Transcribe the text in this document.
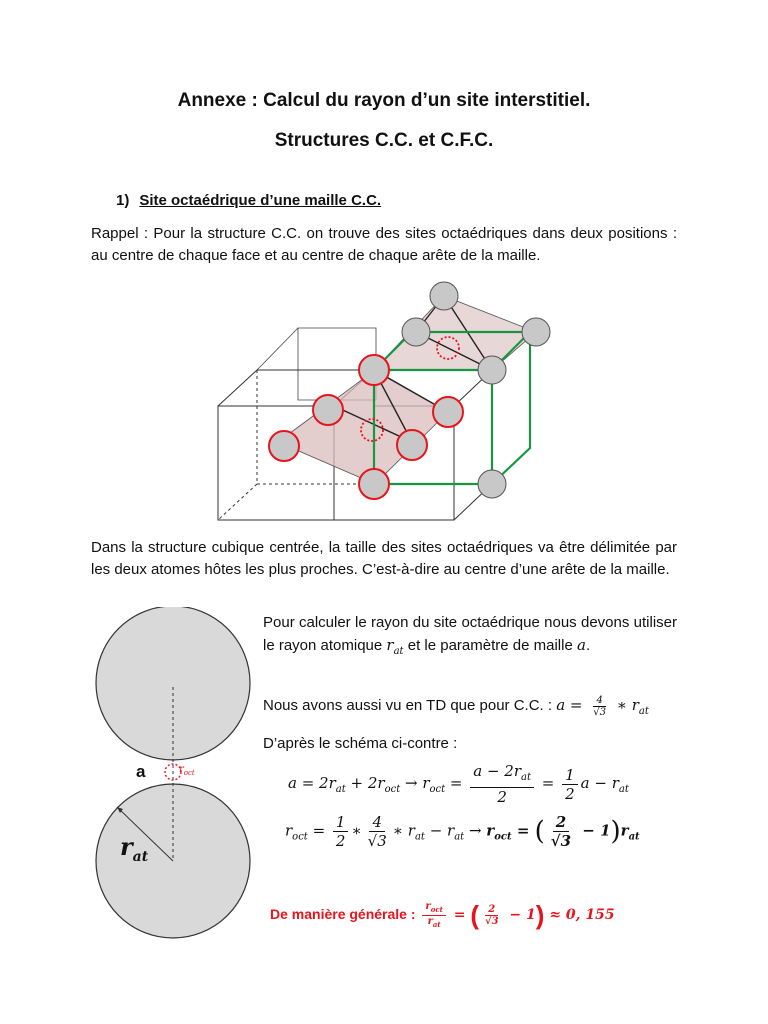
Annexe : Calcul du rayon d’un site interstitiel.
Structures C.C. et C.F.C.
1) Site octaédrique d’une maille C.C.
Rappel : Pour la structure C.C. on trouve des sites octaédriques dans deux positions : au centre de chaque face et au centre de chaque arête de la maille.
Dans la structure cubique centrée, la taille des sites octaédriques va être délimitée par les deux atomes hôtes les plus proches. C’est-à-dire au centre d’une arête de la maille.
a	$r_{oct}$
$r_{at}$
Pour calculer le rayon du site octaédrique nous devons utiliser le rayon atomique $r_{at}$ et le paramètre de maille a.
Nous avons aussi vu en TD que pour C.C. : $a = \frac{4}{√3}$ ∗ $r_{at}$
D’après le schéma ci-contre :
$a = 2r_{at} + 2r_{oct} \to r_{oct} = \frac{a - 2r_{at}}{2} = \frac{1}{2}$ $a - r_{at}$
$r_{oct} = \frac{1}{2}$ ∗ $\frac{4}{√3}$ ∗ $r_{at} - r_{at} \to r_{oct}$ = ( $\frac{2}{√3} - 1)r_{at}$
De manière générale : $\frac{r_{oct}}{r_{at}}$ = ( $\frac{2}{√3} - 1) \approx 0$, 155
